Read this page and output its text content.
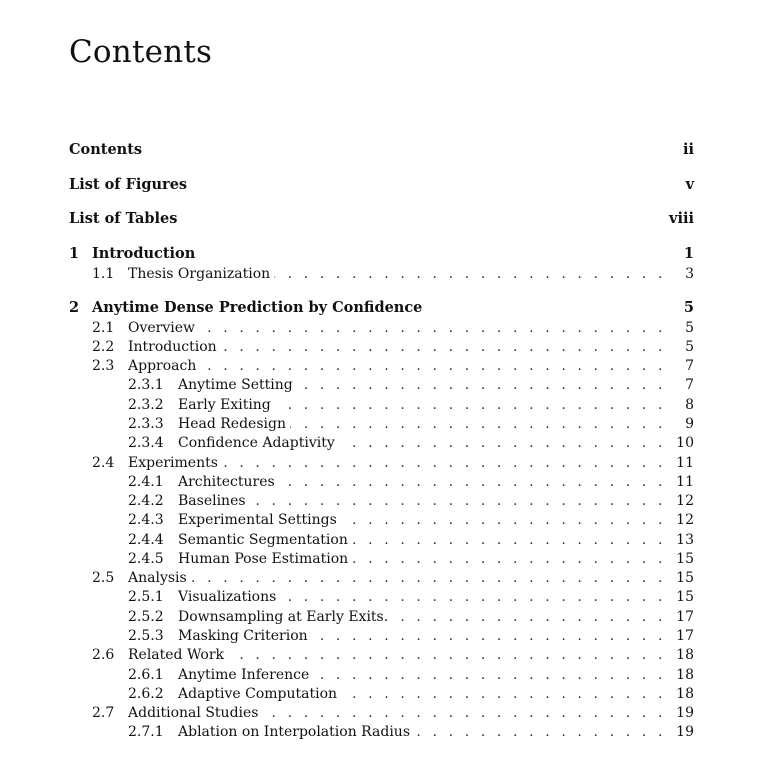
Contents
Contents	ii
List of Figures	v
List of Tables	viii
1 Introduction	1
1.1 Thesis Organization . . .	3
2 Anytime Dense Prediction by Confidence	5
2.1 Overview . . .	5
2.2 Introduction . . .	5
2.3 Approach . . .	7
2.3.1	Anytime Setting . . .	7
2.3.2	Early Exiting . . .	8
2.3.3	Head Redesign . . .	9
2.3.4	Confidence Adaptivity . . .	10
2.4 Experiments . . .	11
2.4.1	Architectures . . .	11
2.4.2	Baselines . . .	12
2.4.3	Experimental Settings . . .	12
2.4.4	Semantic Segmentation . . .	13
2.4.5	Human Pose Estimation . . .	15
2.5 Analysis . . .	15
2.5.1	Visualizations . . .	15
2.5.2	Downsampling at Early Exits. . . .	17
2.5.3	Masking Criterion . . .	17
2.6 Related Work . . .	18
2.6.1	Anytime Inference . . .	18
2.6.2	Adaptive Computation . . .	18
2.7 Additional Studies . . .	19
2.7.1	Ablation on Interpolation Radius . . .	19
